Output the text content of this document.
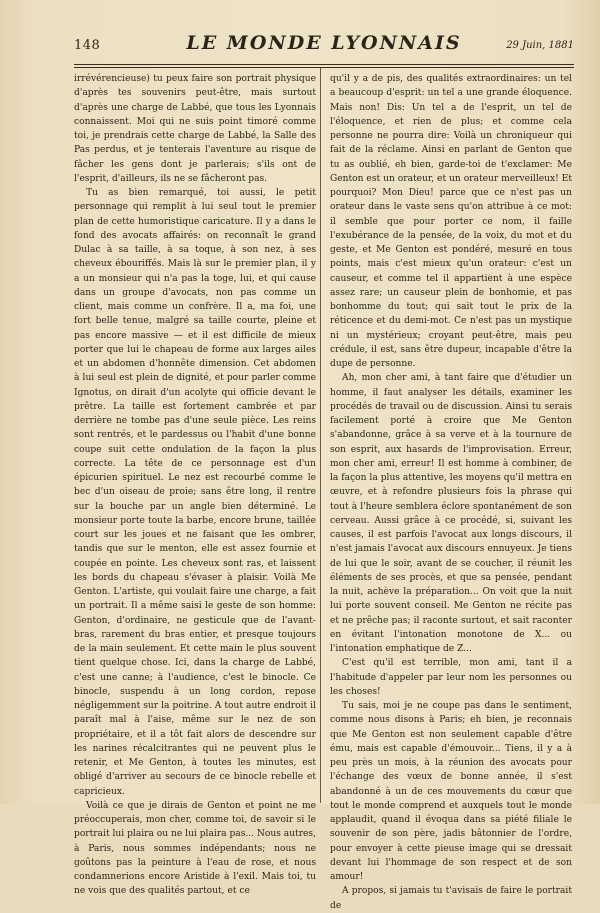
148	LE MONDE LYONNAIS	29 Juin, 1881

irrévérencieuse) tu peux faire son portrait physique d'après tes souvenirs peut-être, mais surtout d'après une charge de Labbé, que tous les Lyonnais connaissent. Moi qui ne suis point timoré comme toi, je prendrais cette charge de Labbé, la Salle des Pas perdus, et je tenterais l'aventure au risque de fâcher les gens dont je parlerais; s'ils ont de l'esprit, d'ailleurs, ils ne se fâcheront pas.

Tu as bien remarqué, toi aussi, le petit personnage qui remplit à lui seul tout le premier plan de cette humoristique caricature. Il y a dans le fond des avocats affairés: on reconnaît le grand Dulac à sa taille, à sa toque, à son nez, à ses cheveux ébouriffés. Mais là sur le premier plan, il y a un monsieur qui n'a pas la toge, lui, et qui cause dans un groupe d'avocats, non pas comme un client, mais comme un confrère. Il a, ma foi, une fort belle tenue, malgré sa taille courte, pleine et pas encore massive — et il est difficile de mieux porter que lui le chapeau de forme aux larges ailes et un abdomen d'honnête dimension. Cet abdomen à lui seul est plein de dignité, et pour parler comme Ignotus, on dirait d'un acolyte qui officie devant le prêtre. La taille est fortement cambrée et par derrière ne tombe pas d'une seule pièce. Les reins sont rentrés, et le pardessus ou l'habit d'une bonne coupe suit cette ondulation de la façon la plus correcte. La tête de ce personnage est d'un épicurien spirituel. Le nez est recourbé comme le bec d'un oiseau de proie; sans être long, il rentre sur la bouche par un angle bien déterminé. Le monsieur porte toute la barbe, encore brune, taillée court sur les joues et ne faisant que les ombrer, tandis que sur le menton, elle est assez fournie et coupée en pointe. Les cheveux sont ras, et laissent les bords du chapeau s'évaser à plaisir. Voilà Me Genton. L'artiste, qui voulait faire une charge, a fait un portrait. Il a même saisi le geste de son homme: Genton, d'ordinaire, ne gesticule que de l'avant-bras, rarement du bras entier, et presque toujours de la main seulement. Et cette main le plus souvent tient quelque chose. Ici, dans la charge de Labbé, c'est une canne; à l'audience, c'est le binocle. Ce binocle, suspendu à un long cordon, repose négligemment sur la poitrine. A tout autre endroit il paraît mal à l'aise, même sur le nez de son propriétaire, et il a tôt fait alors de descendre sur les narines récalcitrantes qui ne peuvent plus le retenir, et Me Genton, à toutes les minutes, est obligé d'arriver au secours de ce binocle rebelle et capricieux.

Voilà ce que je dirais de Genton et point ne me préoccuperais, mon cher, comme toi, de savoir si le portrait lui plaira ou ne lui plaira pas... Nous autres, à Paris, nous sommes indépendants; nous ne goûtons pas la peinture à l'eau de rose, et nous condamnerions encore Aristide à l'exil. Mais toi, tu ne vois que des qualités partout, et ce

qu'il y a de pis, des qualités extraordinaires: un tel a beaucoup d'esprit: un tel a une grande éloquence. Mais non! Dis: Un tel a de l'esprit, un tel de l'éloquence, et rien de plus; et comme cela personne ne pourra dire: Voilà un chroniqueur qui fait de la réclame. Ainsi en parlant de Genton que tu as oublié, eh bien, garde-toi de t'exclamer: Me Genton est un orateur, et un orateur merveilleux! Et pourquoi? Mon Dieu! parce que ce n'est pas un orateur dans le vaste sens qu'on attribue à ce mot: il semble que pour porter ce nom, il faille l'exubérance de la pensée, de la voix, du mot et du geste, et Me Genton est pondéré, mesuré en tous points, mais c'est mieux qu'un orateur: c'est un causeur, et comme tel il appartient à une espèce assez rare; un causeur plein de bonhomie, et pas bonhomme du tout; qui sait tout le prix de la réticence et du demi-mot. Ce n'est pas un mystique ni un mystérieux; croyant peut-être, mais peu crédule, il est, sans être dupeur, incapable d'être la dupe de personne.

Ah, mon cher ami, à tant faire que d'étudier un homme, il faut analyser les détails, examiner les procédés de travail ou de discussion. Ainsi tu serais facilement porté à croire que Me Genton s'abandonne, grâce à sa verve et à la tournure de son esprit, aux hasards de l'improvisation. Erreur, mon cher ami, erreur! Il est homme à combiner, de la façon la plus attentive, les moyens qu'il mettra en œuvre, et à refondre plusieurs fois la phrase qui tout à l'heure semblera éclore spontanément de son cerveau. Aussi grâce à ce procédé, si, suivant les causes, il est parfois l'avocat aux longs discours, il n'est jamais l'avocat aux discours ennuyeux. Je tiens de lui que le soir, avant de se coucher, il réunit les éléments de ses procès, et que sa pensée, pendant la nuit, achève la préparation... On voit que la nuit lui porte souvent conseil. Me Genton ne récite pas et ne prêche pas; il raconte surtout, et sait raconter en évitant l'intonation monotone de X... ou l'intonation emphatique de Z...

C'est qu'il est terrible, mon ami, tant il a l'habitude d'appeler par leur nom les personnes ou les choses!

Tu sais, moi je ne coupe pas dans le sentiment, comme nous disons à Paris; eh bien, je reconnais que Me Genton est non seulement capable d'être ému, mais est capable d'émouvoir... Tiens, il y a à peu près un mois, à la réunion des avocats pour l'échange des vœux de bonne année, il s'est abandonné à un de ces mouvements du cœur que tout le monde comprend et auxquels tout le monde applaudit, quand il évoqua dans sa piété filiale le souvenir de son père, jadis bâtonnier de l'ordre, pour envoyer à cette pieuse image qui se dressait devant lui l'hommage de son respect et de son amour!

A propos, si jamais tu t'avisais de faire le portrait de
